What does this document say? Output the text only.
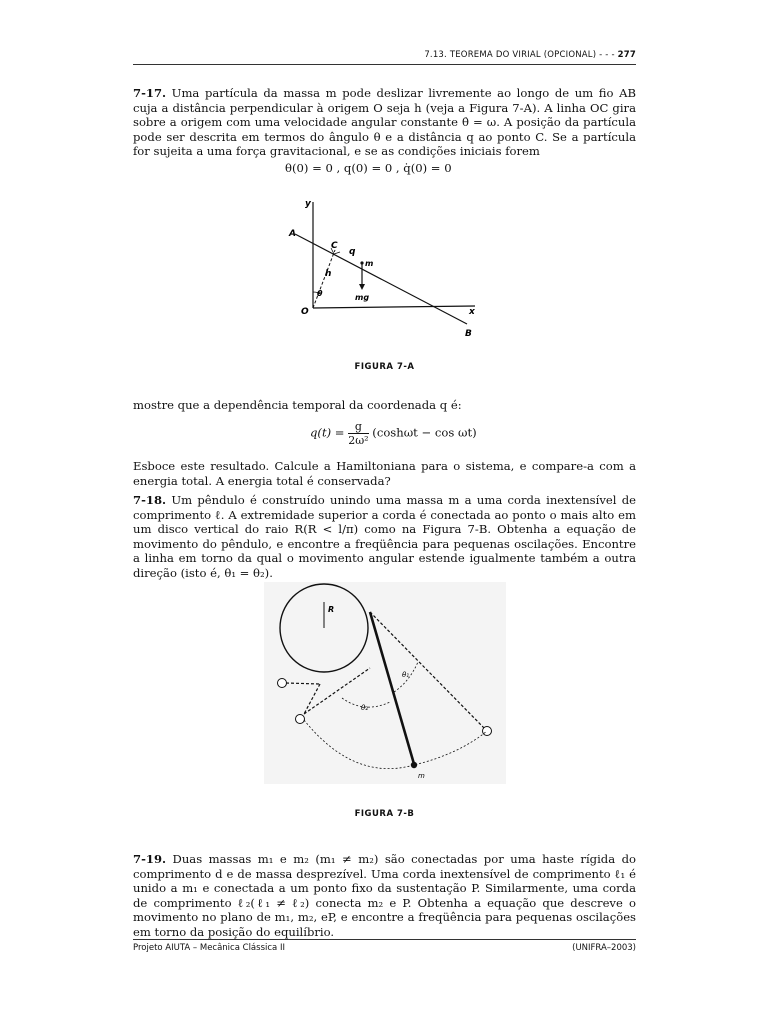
7.13. TEOREMA DO VIRIAL (OPCIONAL) - - - 277
7-17. Uma partícula da massa m pode deslizar livremente ao longo de um fio AB cuja a distância perpendicular à origem O seja h (veja a Figura 7-A). A linha OC gira sobre a origem com uma velocidade angular constante θ̇ = ω. A posição da partícula pode ser descrita em termos do ângulo θ e a distância q ao ponto C. Se a partícula for sujeita a uma força gravitacional, e se as condições iniciais forem
θ(0) = 0 , q(0) = 0 , q̇(0) = 0
y
A
C
q
m
h
θ	mg
O	x
B
FIGURA 7-A
mostre que a dependência temporal da coordenada q é:
$q(t) = \frac{g}{\text{2ω²}} (\cosh\omega t - \cos \omega t)$
Esboce este resultado. Calcule a Hamiltoniana para o sistema, e compare-a com a energia total. A energia total é conservada?
7-18. Um pêndulo é construído unindo uma massa m a uma corda inextensível de comprimento ℓ. A extremidade superior a corda é conectada ao ponto o mais alto em um disco vertical do raio R(R < l/π) como na Figura 7-B. Obtenha a equação de movimento do pêndulo, e encontre a freqüência para pequenas oscilações. Encontre a linha em torno da qual o movimento angular estende igualmente também a outra direção (isto é, θ₁ = θ₂).
R
m
θ₁
θ₂
FIGURA 7-B
7-19. Duas massas m₁ e m₂ (m₁ ≠ m₂) são conectadas por uma haste rígida do comprimento d e de massa desprezível. Uma corda inextensível de comprimento ℓ₁ é unido a m₁ e conectada a um ponto fixo da sustentação P. Similarmente, uma corda de comprimento ℓ₂(ℓ₁ ≠ ℓ₂) conecta m₂ e P. Obtenha a equação que descreve o movimento no plano de m₁, m₂, eP, e encontre a freqüência para pequenas oscilações em torno da posição do equilíbrio.
Projeto AIUTA – Mecânica Clássica II	(UNIFRA–2003)
